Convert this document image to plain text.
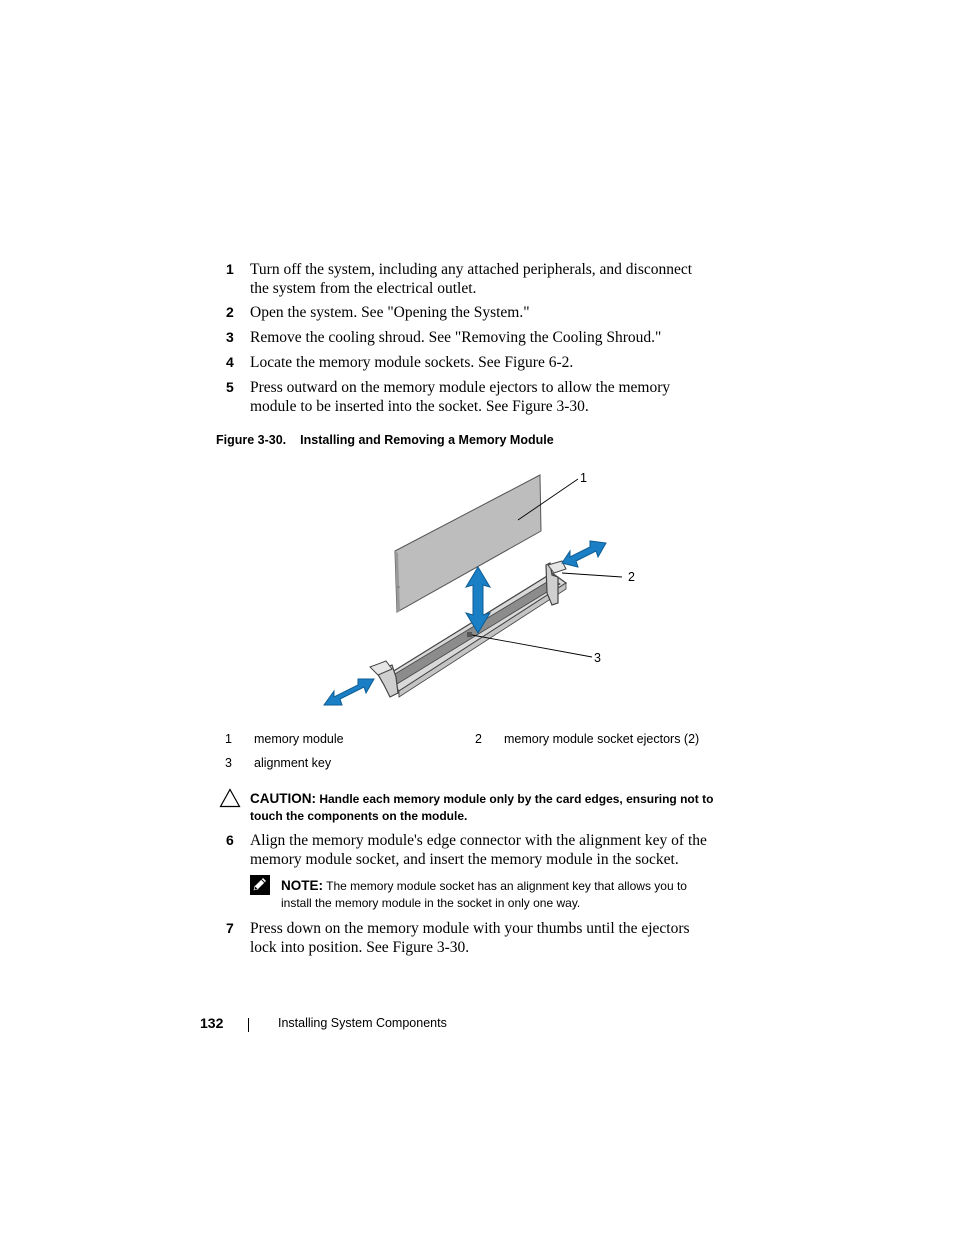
1 Turn off the system, including any attached peripherals, and disconnect
the system from the electrical outlet.
2 Open the system. See "Opening the System."
3 Remove the cooling shroud. See "Removing the Cooling Shroud."
4 Locate the memory module sockets. See Figure 6-2.
5 Press outward on the memory module ejectors to allow the memory
module to be inserted into the socket. See Figure 3-30.
Figure 3-30. Installing and Removing a Memory Module
1
2
3
1 memory module	2 memory module socket ejectors (2)
3 alignment key
CAUTION: Handle each memory module only by the card edges, ensuring not to
touch the components on the module.
6 Align the memory module's edge connector with the alignment key of the
memory module socket, and insert the memory module in the socket.
NOTE: The memory module socket has an alignment key that allows you to
install the memory module in the socket in only one way.
7 Press down on the memory module with your thumbs until the ejectors
lock into position. See Figure 3-30.
132	Installing System Components
